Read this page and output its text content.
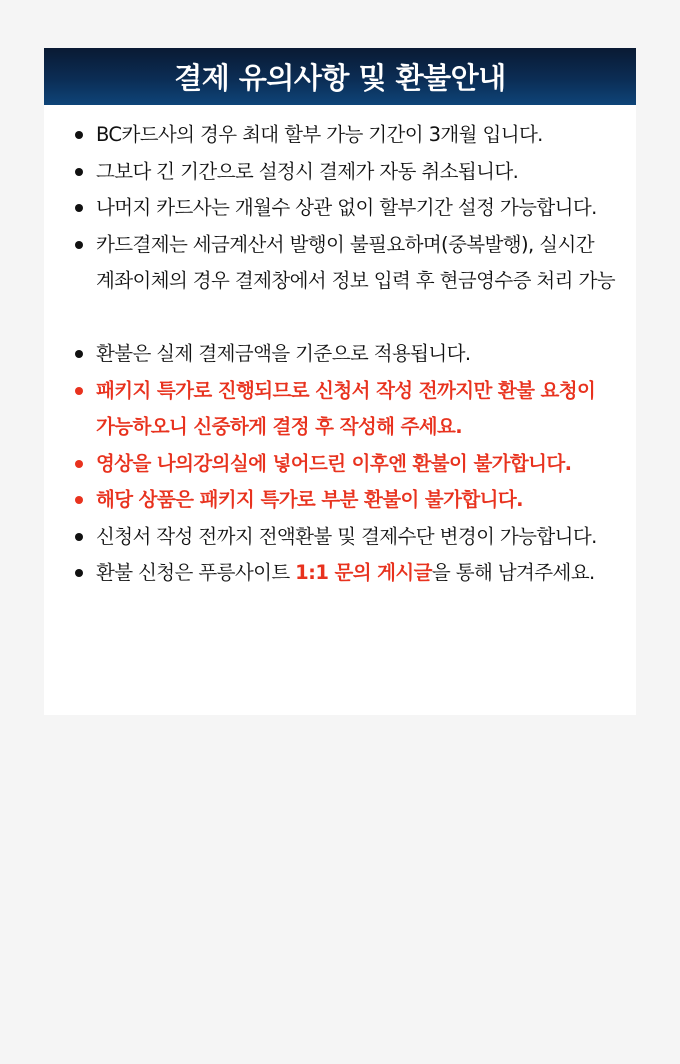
결제 유의사항 및 환불안내
BC카드사의 경우 최대 할부 가능 기간이 3개월 입니다.
그보다 긴 기간으로 설정시 결제가 자동 취소됩니다.
나머지 카드사는 개월수 상관 없이 할부기간 설정 가능합니다.
카드결제는 세금계산서 발행이 불필요하며(중복발행), 실시간 계좌이체의 경우 결제창에서 정보 입력 후 현금영수증 처리 가능
환불은 실제 결제금액을 기준으로 적용됩니다.
패키지 특가로 진행되므로 신청서 작성 전까지만 환불 요청이 가능하오니 신중하게 결정 후 작성해 주세요.
영상을 나의강의실에 넣어드린 이후엔 환불이 불가합니다.
해당 상품은 패키지 특가로 부분 환불이 불가합니다.
신청서 작성 전까지 전액환불 및 결제수단 변경이 가능합니다.
환불 신청은 푸릉사이트 1:1 문의 게시글을 통해 남겨주세요.
